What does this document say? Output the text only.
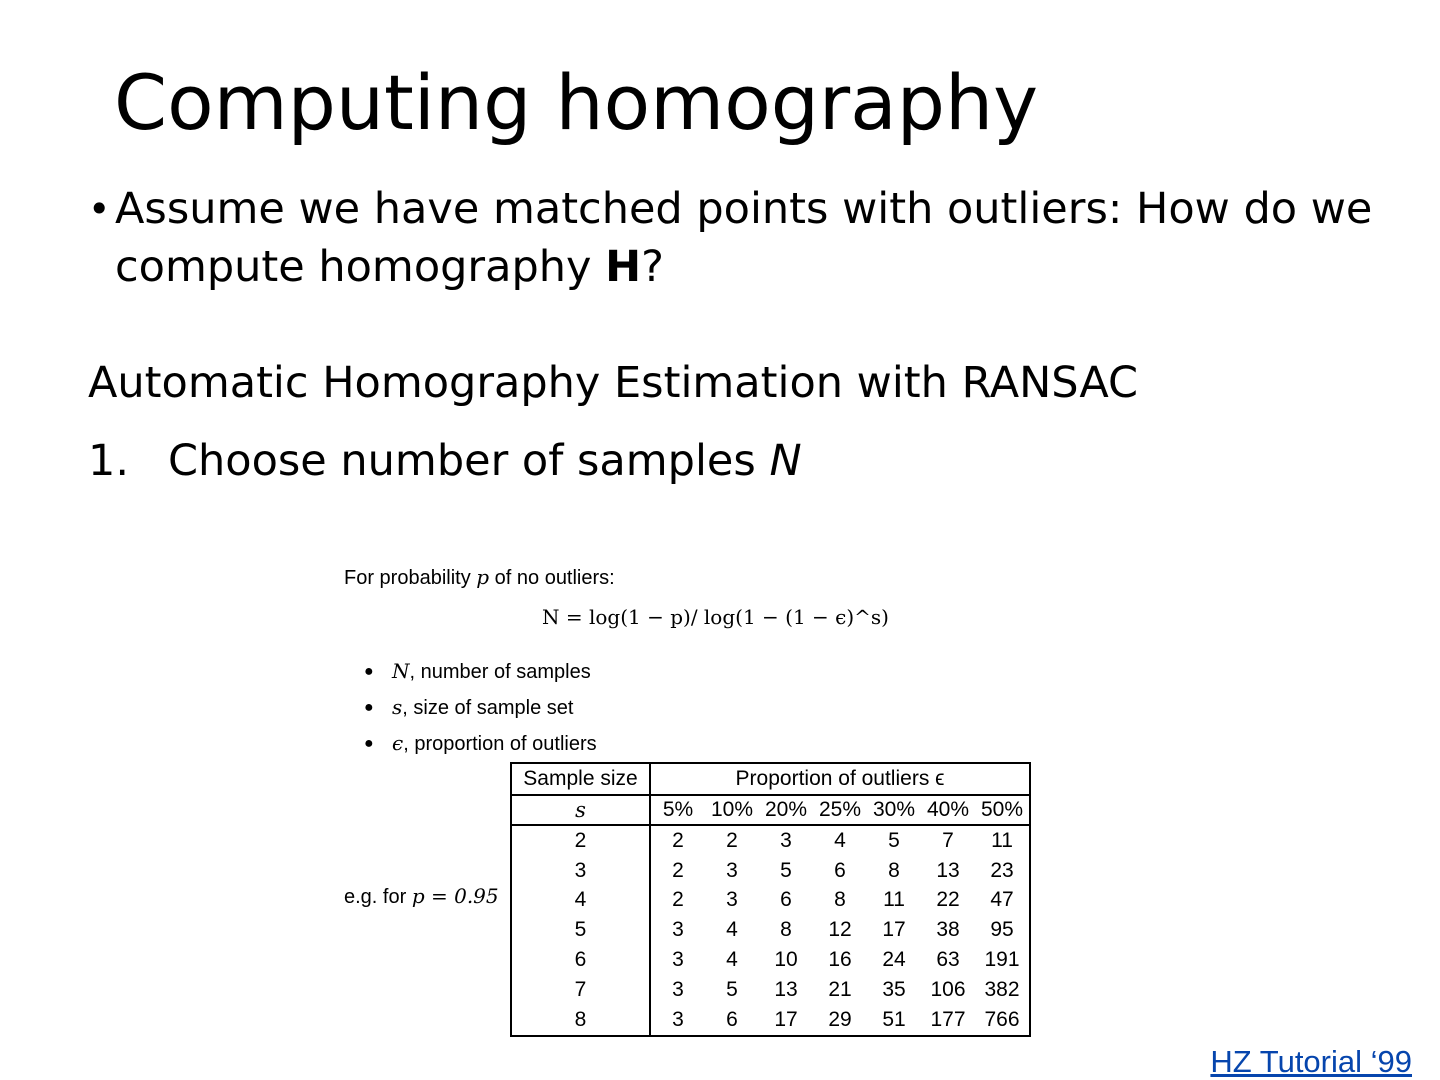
Computing homography
• Assume we have matched points with outliers: How do we compute homography H?
Automatic Homography Estimation with RANSAC
1. Choose number of samples N
For probability p of no outliers:
N = log(1 − p)/ log(1 − (1 − ϵ)^s)
● N, number of samples
● s, size of sample set
● ϵ, proportion of outliers
e.g. for p = 0.95
Sample size	Proportion of outliers ϵ						
s	5%	10%	20%	25%	30%	40%	50%
2	2	2	3	4	5	7	11
3	2	3	5	6	8	13	23
4	2	3	6	8	11	22	47
5	3	4	8	12	17	38	95
6	3	4	10	16	24	63	191
7	3	5	13	21	35	106	382
8	3	6	17	29	51	177	766
HZ Tutorial ‘99
